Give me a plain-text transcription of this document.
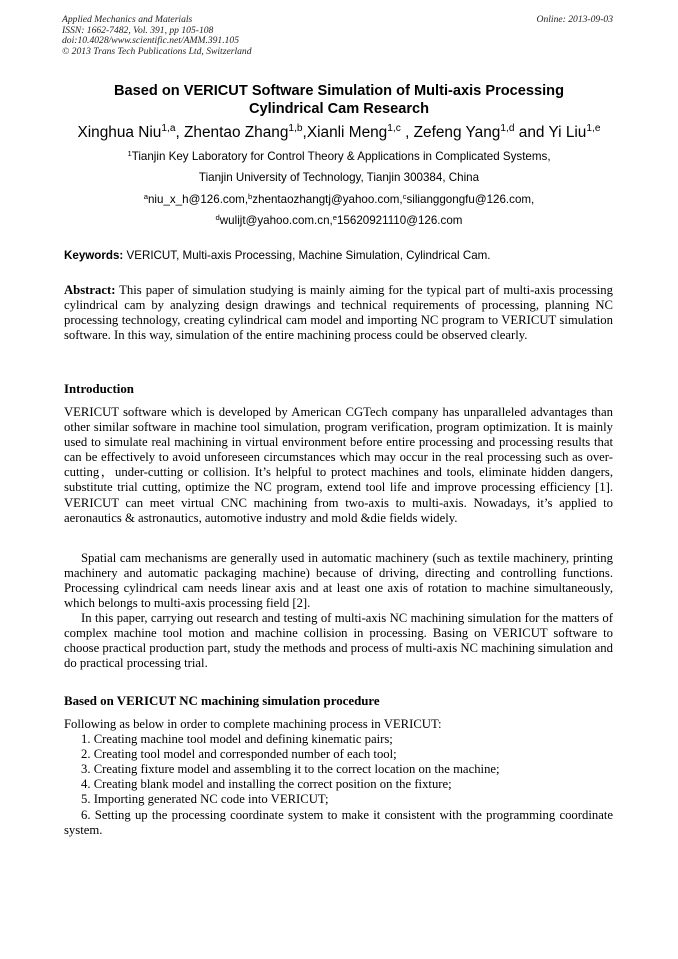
Applied Mechanics and Materials
ISSN: 1662-7482, Vol. 391, pp 105-108
doi:10.4028/www.scientific.net/AMM.391.105
© 2013 Trans Tech Publications Ltd, Switzerland
Online: 2013-09-03
Based on VERICUT Software Simulation of Multi-axis Processing
Cylindrical Cam Research
Xinghua Niu$^{1,a}$, Zhentao Zhang$^{1,b}$,Xianli Meng$^{1,c}$ , Zefeng Yang$^{1,d}$ and Yi Liu$^{1,e}$
$^1$Tianjin Key Laboratory for Control Theory & Applications in Complicated Systems,
Tianjin University of Technology, Tianjin 300384, China
$^a$niu_x_h@126.com,$^b$zhentaozhangtj@yahoo.com,$^c$silianggongfu@126.com,
$^d$wulijt@yahoo.com.cn,$^e$15620921110@126.com
Keywords: VERICUT, Multi-axis Processing, Machine Simulation, Cylindrical Cam.
Abstract: This paper of simulation studying is mainly aiming for the typical part of multi-axis processing cylindrical cam by analyzing design drawings and technical requirements of processing, planning NC processing technology, creating cylindrical cam model and importing NC program to VERICUT simulation software. In this way, simulation of the entire machining process could be observed clearly.
Introduction
VERICUT software which is developed by American CGTech company has unparalleled advantages than other similar software in machine tool simulation, program verification, program optimization. It is mainly used to simulate real machining in virtual environment before entire processing and processing results that can be effectively to avoid unforeseen circumstances which may occur in the real processing such as over-cutting，under-cutting or collision. It’s helpful to protect machines and tools, eliminate hidden dangers, substitute trial cutting, optimize the NC program, extend tool life and improve processing efficiency [1]. VERICUT can meet virtual CNC machining from two-axis to multi-axis. Nowadays, it’s applied to aeronautics & astronautics, automotive industry and mold &die fields widely.
Spatial cam mechanisms are generally used in automatic machinery (such as textile machinery, printing machinery and automatic packaging machine) because of driving, directing and controlling functions. Processing cylindrical cam needs linear axis and at least one axis of rotation to machine simultaneously, which belongs to multi-axis processing field [2].
In this paper, carrying out research and testing of multi-axis NC machining simulation for the matters of complex machine tool motion and machine collision in processing. Basing on VERICUT software to choose practical production part, study the methods and process of multi-axis NC machining simulation and do practical processing trial.
Based on VERICUT NC machining simulation procedure
Following as below in order to complete machining process in VERICUT:
1. Creating machine tool model and defining kinematic pairs;
2. Creating tool model and corresponded number of each tool;
3. Creating fixture model and assembling it to the correct location on the machine;
4. Creating blank model and installing the correct position on the fixture;
5. Importing generated NC code into VERICUT;
6. Setting up the processing coordinate system to make it consistent with the programming coordinate system.
